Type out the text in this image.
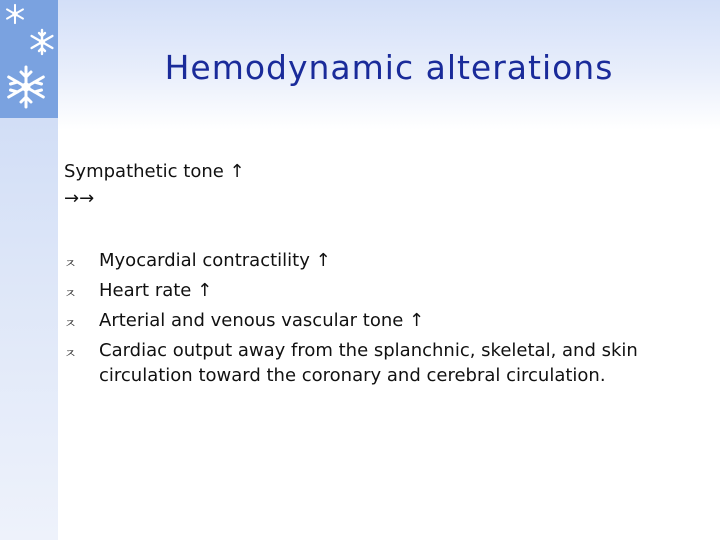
Hemodynamic alterations
Sympathetic tone ↑
→→
ㅈ Myocardial contractility ↑
ㅈ Heart rate ↑
ㅈ Arterial and venous vascular tone ↑
ㅈ Cardiac output away from the splanchnic, skeletal, and skin circulation toward the coronary and cerebral circulation.
